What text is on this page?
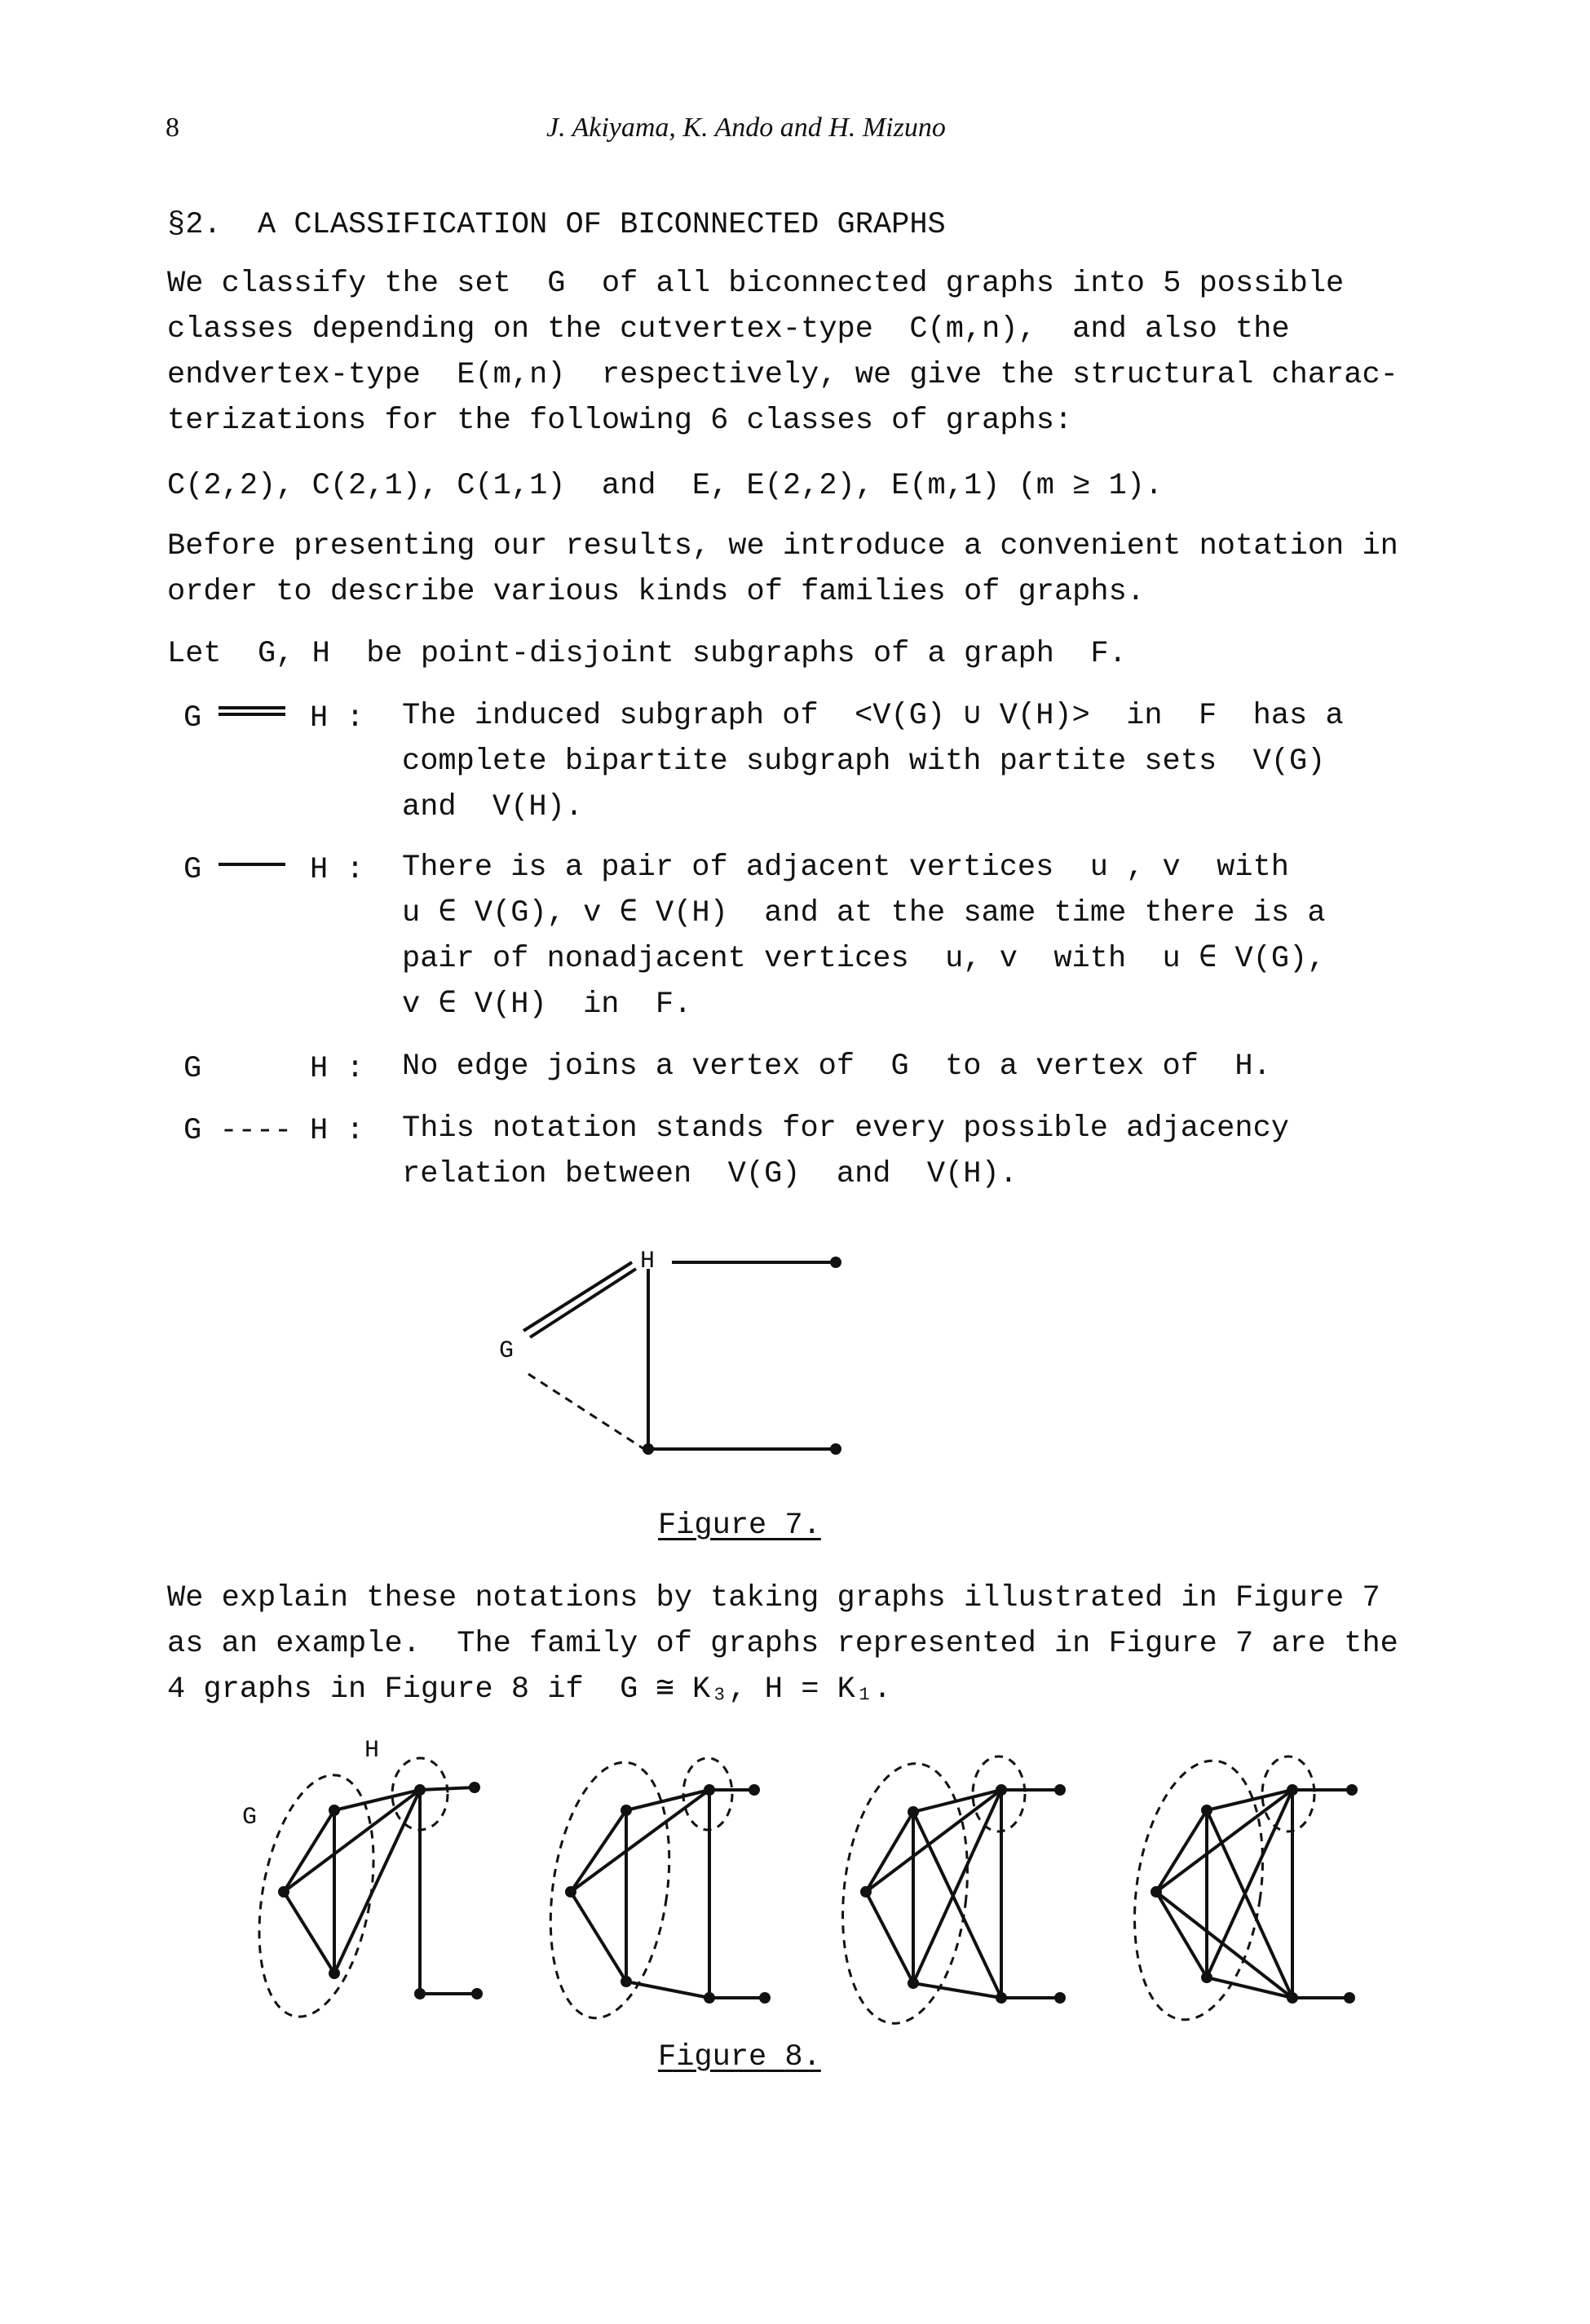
8	J. Akiyama, K. Ando and H. Mizuno
§2.  A CLASSIFICATION OF BICONNECTED GRAPHS
We classify the set  G  of all biconnected graphs into 5 possible
classes depending on the cutvertex-type  C(m,n),  and also the
endvertex-type  E(m,n)  respectively, we give the structural charac-
terizations for the following 6 classes of graphs:
C(2,2), C(2,1), C(1,1)  and  E, E(2,2), E(m,1) (m ≥ 1).
Before presenting our results, we introduce a convenient notation in
order to describe various kinds of families of graphs.
Let  G, H  be point-disjoint subgraphs of a graph  F.
G	H : The induced subgraph of  <V(G) ∪ V(H)>  in  F  has a
complete bipartite subgraph with partite sets  V(G)
and  V(H).
G	H : There is a pair of adjacent vertices  u , v  with
u ∈ V(G), v ∈ V(H)  and at the same time there is a
pair of nonadjacent vertices  u, v  with  u ∈ V(G),
v ∈ V(H)  in  F.
G	H : No edge joins a vertex of  G  to a vertex of  H.
G ---- H : This notation stands for every possible adjacency
relation between  V(G)  and  V(H).
H
G
Figure 7.
We explain these notations by taking graphs illustrated in Figure 7
as an example.  The family of graphs represented in Figure 7 are the
4 graphs in Figure 8 if  G ≅ K₃, H = K₁.
H
G
Figure 8.
